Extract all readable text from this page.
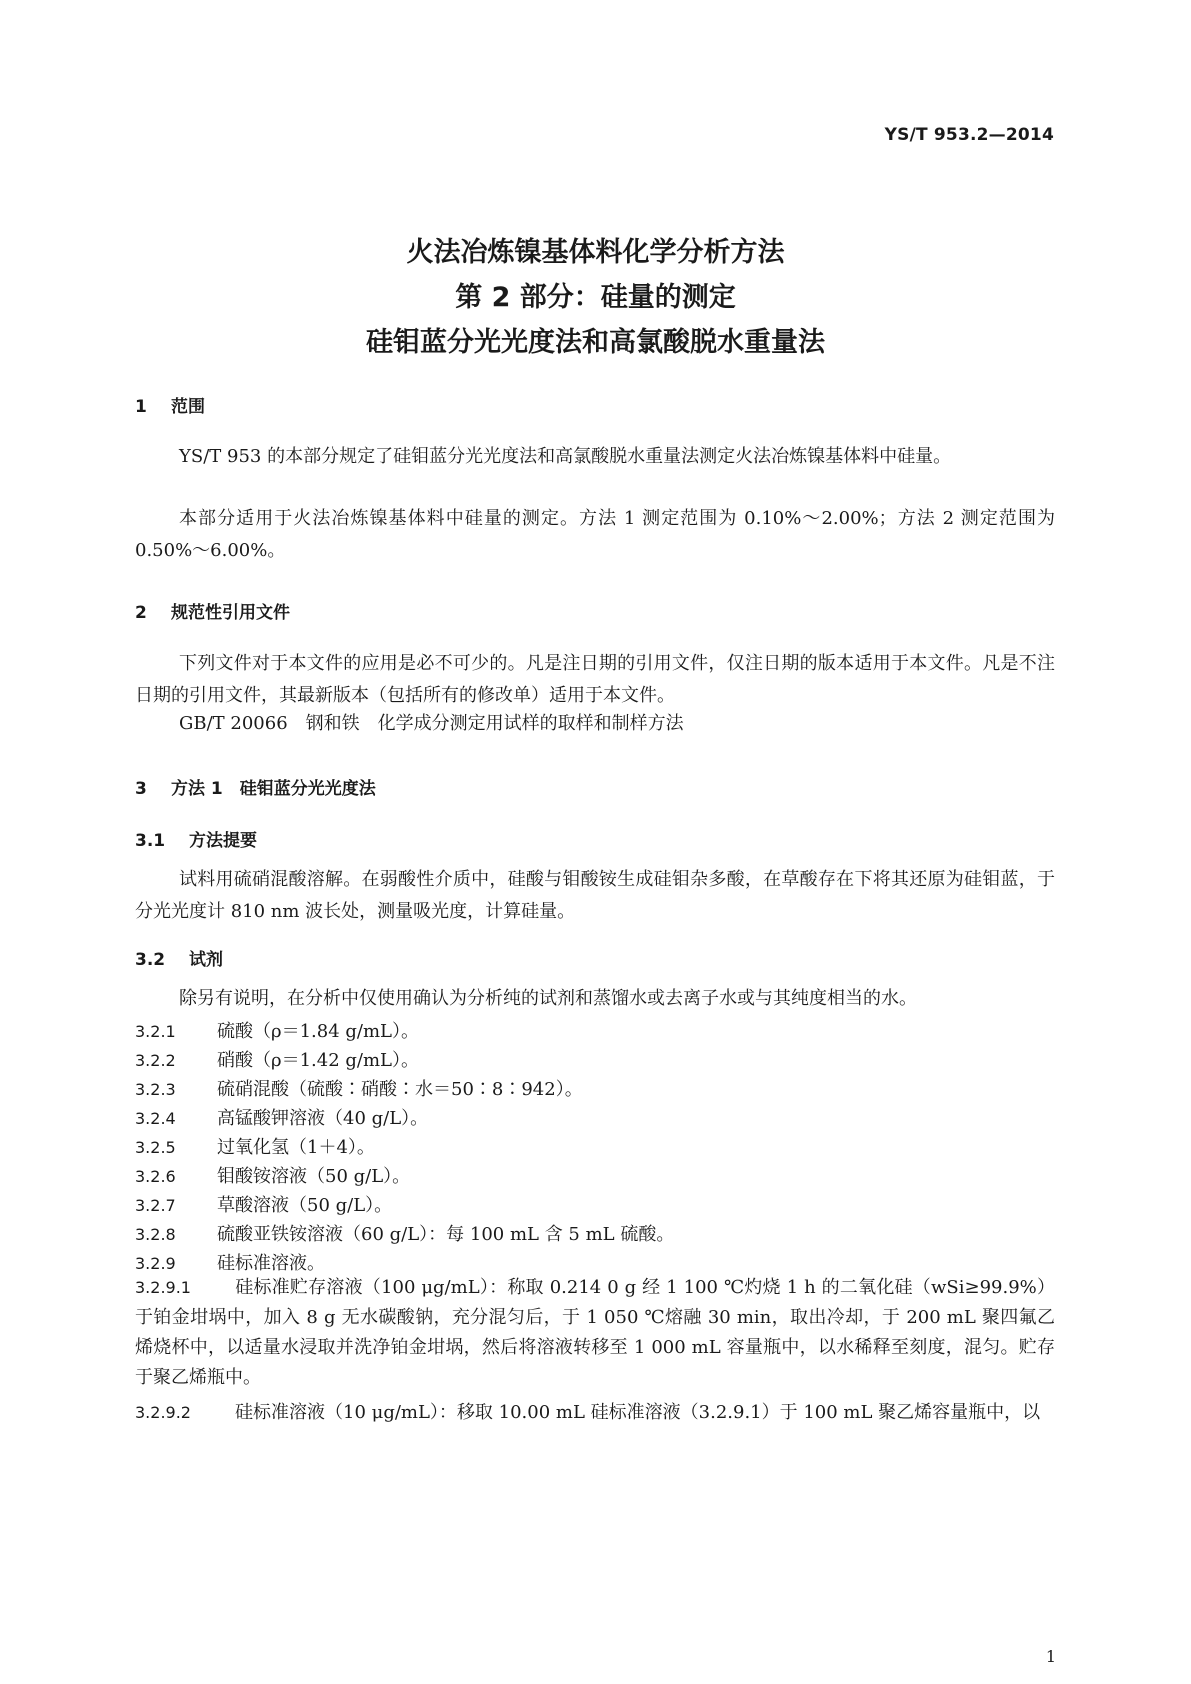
YS/T 953.2—2014
火法冶炼镍基体料化学分析方法
第 2 部分：硅量的测定
硅钼蓝分光光度法和高氯酸脱水重量法
1 范围
YS/T 953 的本部分规定了硅钼蓝分光光度法和高氯酸脱水重量法测定火法冶炼镍基体料中硅量。
本部分适用于火法冶炼镍基体料中硅量的测定。方法 1 测定范围为 0.10%～2.00%；方法 2 测定范围为 0.50%～6.00%。
2 规范性引用文件
下列文件对于本文件的应用是必不可少的。凡是注日期的引用文件，仅注日期的版本适用于本文件。凡是不注日期的引用文件，其最新版本（包括所有的修改单）适用于本文件。
GB/T 20066　钢和铁　化学成分测定用试样的取样和制样方法
3 方法 1　硅钼蓝分光光度法
3.1 方法提要
试料用硫硝混酸溶解。在弱酸性介质中，硅酸与钼酸铵生成硅钼杂多酸，在草酸存在下将其还原为硅钼蓝，于分光光度计 810 nm 波长处，测量吸光度，计算硅量。
3.2 试剂
除另有说明，在分析中仅使用确认为分析纯的试剂和蒸馏水或去离子水或与其纯度相当的水。
3.2.1 硫酸（ρ＝1.84 g/mL）。
3.2.2 硝酸（ρ＝1.42 g/mL）。
3.2.3 硫硝混酸（硫酸∶硝酸∶水＝50∶8∶942）。
3.2.4 高锰酸钾溶液（40 g/L）。
3.2.5 过氧化氢（1＋4）。
3.2.6 钼酸铵溶液（50 g/L）。
3.2.7 草酸溶液（50 g/L）。
3.2.8 硫酸亚铁铵溶液（60 g/L）：每 100 mL 含 5 mL 硫酸。
3.2.9 硅标准溶液。
3.2.9.1 硅标准贮存溶液（100 μg/mL）：称取 0.214 0 g 经 1 100 ℃灼烧 1 h 的二氧化硅（wSi≥99.9%）于铂金坩埚中，加入 8 g 无水碳酸钠，充分混匀后，于 1 050 ℃熔融 30 min，取出冷却，于 200 mL 聚四氟乙烯烧杯中，以适量水浸取并洗净铂金坩埚，然后将溶液转移至 1 000 mL 容量瓶中，以水稀释至刻度，混匀。贮存于聚乙烯瓶中。
3.2.9.2 硅标准溶液（10 μg/mL）：移取 10.00 mL 硅标准溶液（3.2.9.1）于 100 mL 聚乙烯容量瓶中，以
1
